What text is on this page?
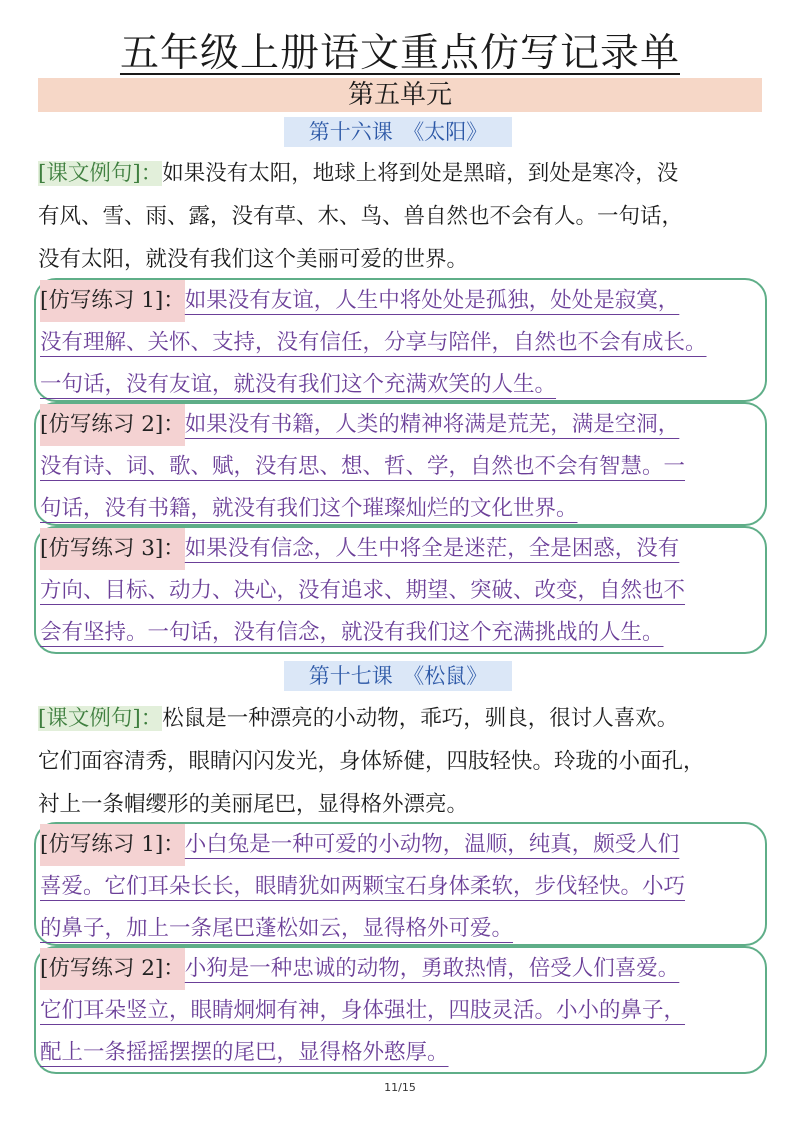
五年级上册语文重点仿写记录单
第五单元
第十六课　《太阳》
[课文例句]：如果没有太阳，地球上将到处是黑暗，到处是寒冷，没
有风、雪、雨、露，没有草、木、鸟、兽自然也不会有人。一句话，
没有太阳，就没有我们这个美丽可爱的世界。
[仿写练习 1]：如果没有友谊，人生中将处处是孤独，处处是寂寞，
没有理解、关怀、支持，没有信任，分享与陪伴，自然也不会有成长。
一句话，没有友谊，就没有我们这个充满欢笑的人生。
[仿写练习 2]：如果没有书籍，人类的精神将满是荒芜，满是空洞，
没有诗、词、歌、赋，没有思、想、哲、学，自然也不会有智慧。一
句话，没有书籍，就没有我们这个璀璨灿烂的文化世界。
[仿写练习 3]：如果没有信念，人生中将全是迷茫，全是困惑，没有
方向、目标、动力、决心，没有追求、期望、突破、改变，自然也不
会有坚持。一句话，没有信念，就没有我们这个充满挑战的人生。
第十七课　《松鼠》
[课文例句]：松鼠是一种漂亮的小动物，乖巧，驯良，很讨人喜欢。
它们面容清秀，眼睛闪闪发光，身体矫健，四肢轻快。玲珑的小面孔，
衬上一条帽缨形的美丽尾巴，显得格外漂亮。
[仿写练习 1]：小白兔是一种可爱的小动物，温顺，纯真，颇受人们
喜爱。它们耳朵长长，眼睛犹如两颗宝石身体柔软，步伐轻快。小巧
的鼻子，加上一条尾巴蓬松如云，显得格外可爱。
[仿写练习 2]：小狗是一种忠诚的动物，勇敢热情，倍受人们喜爱。
它们耳朵竖立，眼睛炯炯有神，身体强壮，四肢灵活。小小的鼻子，
配上一条摇摇摆摆的尾巴，显得格外憨厚。
11/15
